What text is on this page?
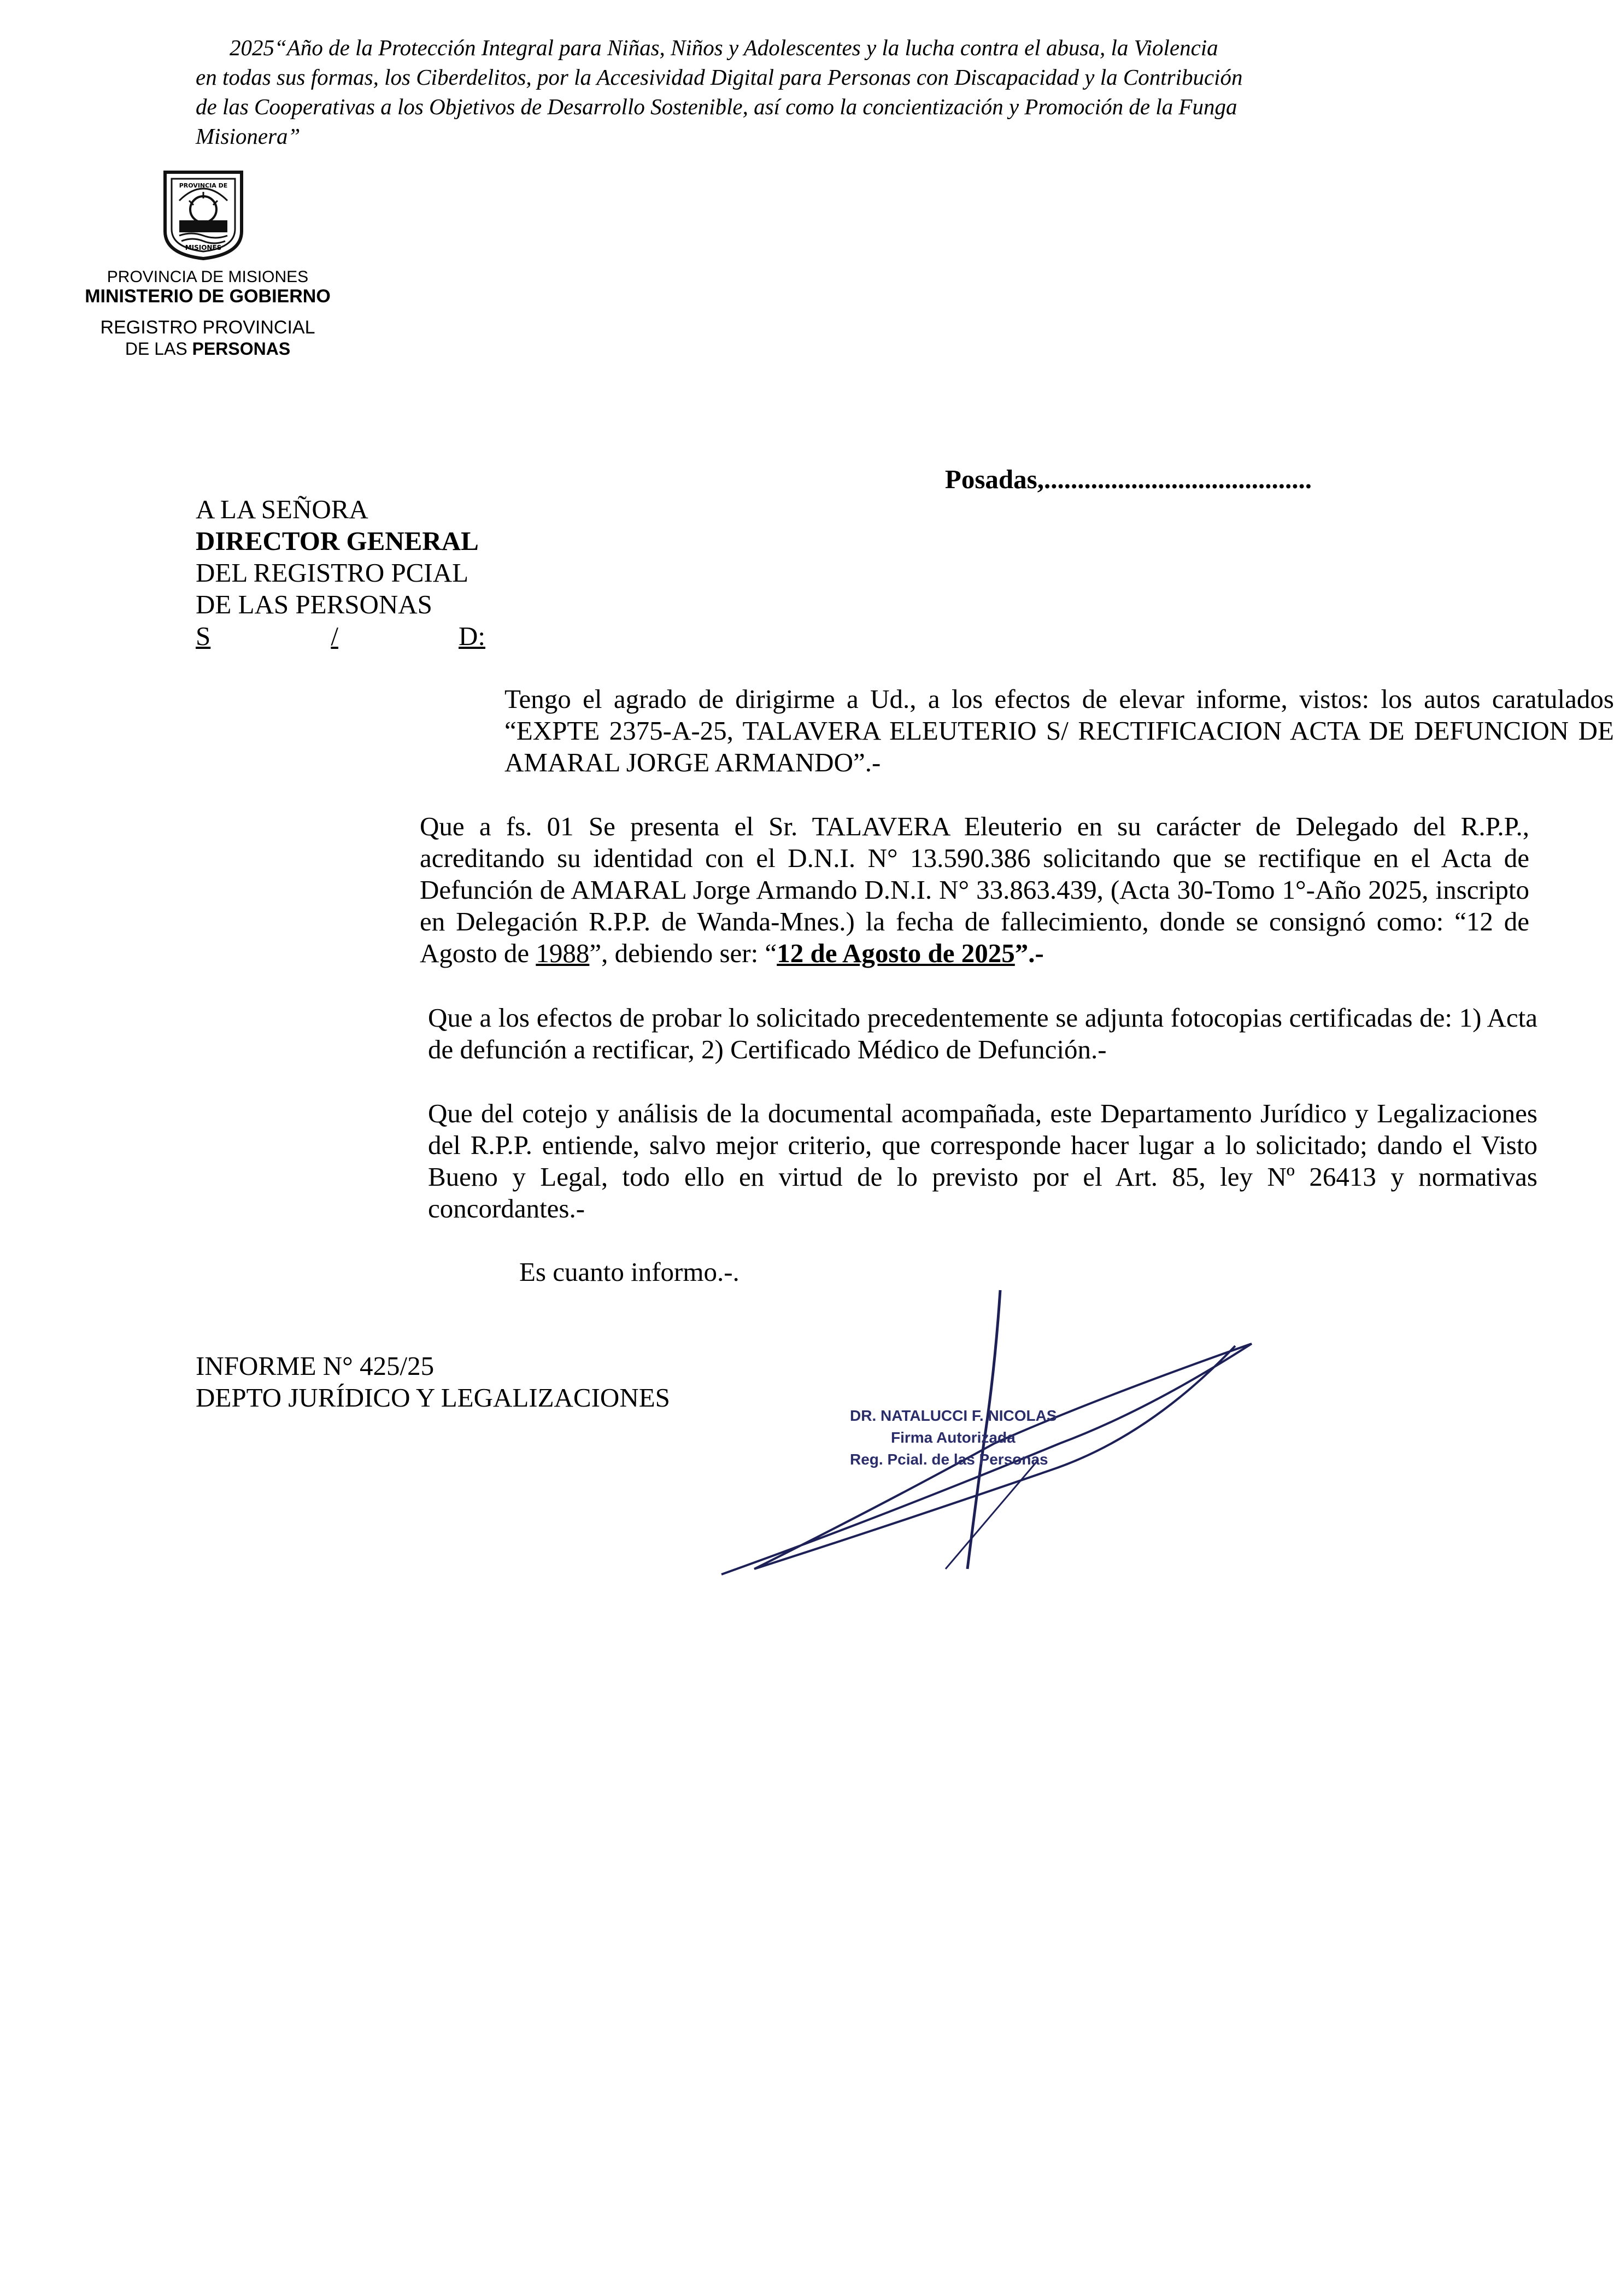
2025“Año de la Protección Integral para Niñas, Niños y Adolescentes y la lucha contra el abusa, la Violencia
en todas sus formas, los Ciberdelitos, por la Accesividad Digital para Personas con Discapacidad y la Contribución
de las Cooperativas a los Objetivos de Desarrollo Sostenible, así como la concientización y Promoción de la Funga
Misionera”
PROVINCIA DE
MISIONES
PROVINCIA DE MISIONES
MINISTERIO DE GOBIERNO
REGISTRO PROVINCIAL
DE LAS PERSONAS
Posadas,........................................
A LA SEÑORA
DIRECTOR GENERAL
DEL REGISTRO PCIAL
DE LAS PERSONAS
S	/	D:
Tengo el agrado de dirigirme a Ud., a los efectos de elevar informe, vistos: los autos caratulados “EXPTE 2375-A-25, TALAVERA ELEUTERIO S/ RECTIFICACION ACTA DE DEFUNCION DE AMARAL JORGE ARMANDO”.-
Que a fs. 01 Se presenta el Sr. TALAVERA Eleuterio en su carácter de Delegado del R.P.P., acreditando su identidad con el D.N.I. N° 13.590.386 solicitando que se rectifique en el Acta de Defunción de AMARAL Jorge Armando D.N.I. N° 33.863.439, (Acta 30-Tomo 1°-Año 2025, inscripto en Delegación R.P.P. de Wanda-Mnes.) la fecha de fallecimiento, donde se consignó como: “12 de Agosto de 1988”, debiendo ser: “12 de Agosto de 2025”.-
Que a los efectos de probar lo solicitado precedentemente se adjunta fotocopias certificadas de: 1) Acta de defunción a rectificar, 2) Certificado Médico de Defunción.-
Que del cotejo y análisis de la documental acompañada, este Departamento Jurídico y Legalizaciones del R.P.P. entiende, salvo mejor criterio, que corresponde hacer lugar a lo solicitado; dando el Visto Bueno y Legal, todo ello en virtud de lo previsto por el Art. 85, ley Nº 26413 y normativas concordantes.-
Es cuanto informo.-.
INFORME N° 425/25
DEPTO JURÍDICO Y LEGALIZACIONES
DR. NATALUCCI F. NICOLAS
Firma Autorizada
Reg. Pcial. de las Personas
